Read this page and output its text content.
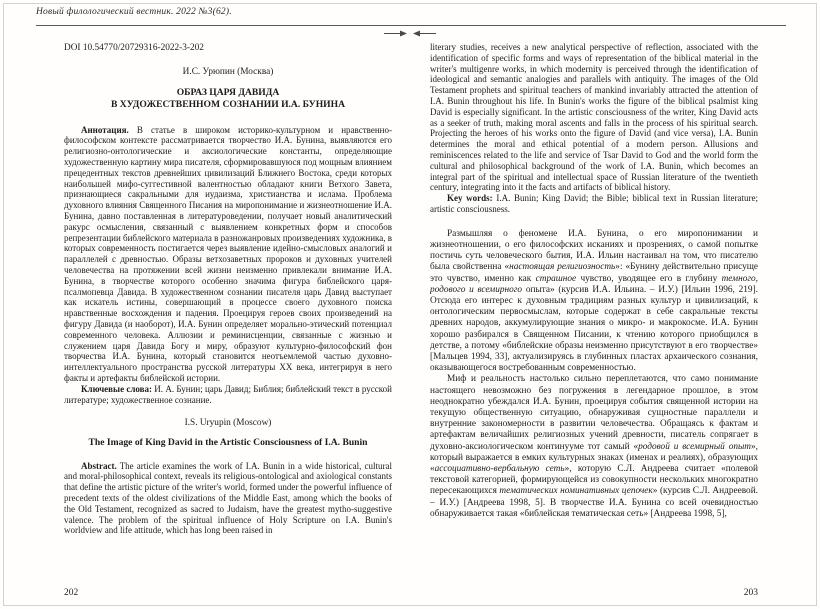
Новый филологический вестник. 2022 №3(62).

DOI 10.54770/20729316-2022-3-202

И.С. Урюпин (Москва)

ОБРАЗ ЦАРЯ ДАВИДА
В ХУДОЖЕСТВЕННОМ СОЗНАНИИ И.А. БУНИНА

Аннотация. В статье в широком историко-культурном и нравственно-философском контексте рассматривается творчество И.А. Бунина, выявляются его религиозно-онтологические и аксиологические константы, определяющие художественную картину мира писателя, сформировавшуюся под мощным влиянием прецедентных текстов древнейших цивилизаций Ближнего Востока, среди которых наибольшей мифо-суггестивной валентностью обладают книги Ветхого Завета, признающиеся сакральными для иудаизма, христианства и ислама. Проблема духовного влияния Священного Писания на миропонимание и жизнеотношение И.А. Бунина, давно поставленная в литературоведении, получает новый аналитический ракурс осмысления, связанный с выявлением конкретных форм и способов репрезентации библейского материала в разножанровых произведениях художника, в которых современность постигается через выявление идейно-смысловых аналогий и параллелей с древностью. Образы ветхозаветных пророков и духовных учителей человечества на протяжении всей жизни неизменно привлекали внимание И.А. Бунина, в творчестве которого особенно значима фигура библейского царя-псалмопевца Давида. В художественном сознании писателя царь Давид выступает как искатель истины, совершающий в процессе своего духовного поиска нравственные восхождения и падения. Проецируя героев своих произведений на фигуру Давида (и наоборот), И.А. Бунин определяет морально-этический потенциал современного человека. Аллюзии и реминисценции, связанные с жизнью и служением царя Давида Богу и миру, образуют культурно-философский фон творчества И.А. Бунина, который становится неотъемлемой частью духовно-интеллектуального пространства русской литературы XX века, интегрируя в него факты и артефакты библейской истории.

Ключевые слова: И. А. Бунин; царь Давид; Библия; библейский текст в русской литературе; художественное сознание.

I.S. Uryupin (Moscow)

The Image of King David in the Artistic Consciousness of I.A. Bunin

Abstract. The article examines the work of I.A. Bunin in a wide historical, cultural and moral-philosophical context, reveals its religious-ontological and axiological constants that define the artistic picture of the writer's world, formed under the powerful influence of precedent texts of the oldest civilizations of the Middle East, among which the books of the Old Testament, recognized as sacred to Judaism, have the greatest mytho-suggestive valence. The problem of the spiritual influence of Holy Scripture on I.A. Bunin's worldview and life attitude, which has long been raised in

literary studies, receives a new analytical perspective of reflection, associated with the identification of specific forms and ways of representation of the biblical material in the writer's multigenre works, in which modernity is perceived through the identification of ideological and semantic analogies and parallels with antiquity. The images of the Old Testament prophets and spiritual teachers of mankind invariably attracted the attention of I.A. Bunin throughout his life. In Bunin's works the figure of the biblical psalmist king David is especially significant. In the artistic consciousness of the writer, King David acts as a seeker of truth, making moral ascents and falls in the process of his spiritual search. Projecting the heroes of his works onto the figure of David (and vice versa), I.A. Bunin determines the moral and ethical potential of a modern person. Allusions and reminiscences related to the life and service of Tsar David to God and the world form the cultural and philosophical background of the work of I.A. Bunin, which becomes an integral part of the spiritual and intellectual space of Russian literature of the twentieth century, integrating into it the facts and artifacts of biblical history.

Key words: I.A. Bunin; King David; the Bible; biblical text in Russian literature; artistic consciousness.

Размышляя о феномене И.А. Бунина, о его миропонимании и жизнеотношении, о его философских исканиях и прозрениях, о самой попытке постичь суть человеческого бытия, И.А. Ильин настаивал на том, что писателю была свойственна «настоящая религиозность»: «Бунину действительно присуще это чувство, именно как страшное чувство, уводящее его в глубину темного, родового и всемирного опыта» (курсив И.А. Ильина. – И.У.) [Ильин 1996, 219]. Отсюда его интерес к духовным традициям разных культур и цивилизаций, к онтологическим первосмыслам, которые содержат в себе сакральные тексты древних народов, аккумулирующие знания о микро- и макрокосме. И.А. Бунин хорошо разбирался в Священном Писании, к чтению которого приобщился в детстве, а потому «библейские образы неизменно присутствуют в его творчестве» [Мальцев 1994, 33], актуализируясь в глубинных пластах архаического сознания, оказывающегося востребованным современностью.

Миф и реальность настолько сильно переплетаются, что само понимание настоящего невозможно без погружения в легендарное прошлое, в этом неоднократно убеждался И.А. Бунин, проецируя события священной истории на текущую общественную ситуацию, обнаруживая сущностные параллели и внутренние закономерности в развитии человечества. Обращаясь к фактам и артефактам величайших религиозных учений древности, писатель сопрягает в духовно-аксиологическом континууме тот самый «родовой и всемирный опыт», который выражается в емких культурных знаках (именах и реалиях), образующих «ассоциативно-вербальную сеть», которую С.Л. Андреева считает «полевой текстовой категорией, формирующейся из совокупности нескольких многократно пересекающихся тематических номинативных цепочек» (курсив С.Л. Андреевой. – И.У.) [Андреева 1998, 5]. В творчестве И.А. Бунина со всей очевидностью обнаруживается такая «библейская тематическая сеть» [Андреева 1998, 5],

202	203
